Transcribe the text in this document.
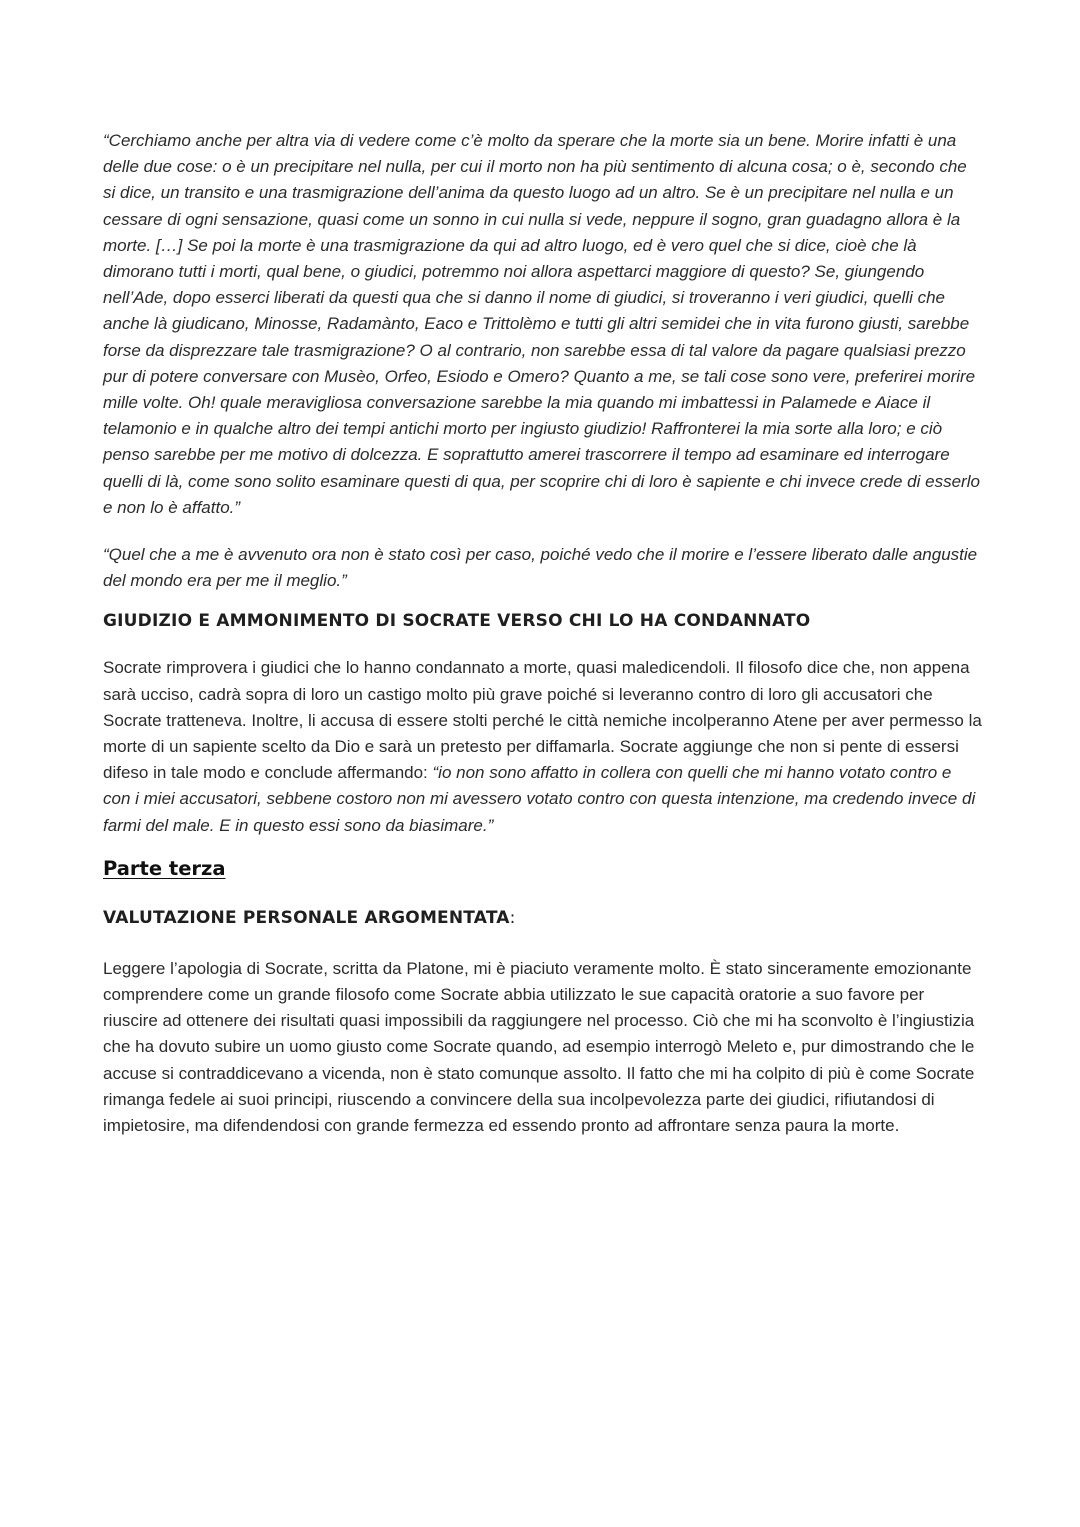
“Cerchiamo anche per altra via di vedere come c’è molto da sperare che la morte sia un bene. Morire infatti è una delle due cose: o è un precipitare nel nulla, per cui il morto non ha più sentimento di alcuna cosa; o è, secondo che si dice, un transito e una trasmigrazione dell’anima da questo luogo ad un altro. Se è un precipitare nel nulla e un cessare di ogni sensazione, quasi come un sonno in cui nulla si vede, neppure il sogno, gran guadagno allora è la morte. […] Se poi la morte è una trasmigrazione da qui ad altro luogo, ed è vero quel che si dice, cioè che là dimorano tutti i morti, qual bene, o giudici, potremmo noi allora aspettarci maggiore di questo? Se, giungendo nell’Ade, dopo esserci liberati da questi qua che si danno il nome di giudici, si troveranno i veri giudici, quelli che anche là giudicano, Minosse, Radamànto, Eaco e Trittolèmo e tutti gli altri semidei che in vita furono giusti, sarebbe forse da disprezzare tale trasmigrazione? O al contrario, non sarebbe essa di tal valore da pagare qualsiasi prezzo pur di potere conversare con Musèo, Orfeo, Esiodo e Omero? Quanto a me, se tali cose sono vere, preferirei morire mille volte. Oh! quale meravigliosa conversazione sarebbe la mia quando mi imbattessi in Palamede e Aiace il telamonio e in qualche altro dei tempi antichi morto per ingiusto giudizio! Raffronterei la mia sorte alla loro; e ciò penso sarebbe per me motivo di dolcezza. E soprattutto amerei trascorrere il tempo ad esaminare ed interrogare quelli di là, come sono solito esaminare questi di qua, per scoprire chi di loro è sapiente e chi invece crede di esserlo e non lo è affatto.”

“Quel che a me è avvenuto ora non è stato così per caso, poiché vedo che il morire e l’essere liberato dalle angustie del mondo era per me il meglio.”

GIUDIZIO E AMMONIMENTO DI SOCRATE VERSO CHI LO HA CONDANNATO

Socrate rimprovera i giudici che lo hanno condannato a morte, quasi maledicendoli. Il filosofo dice che, non appena sarà ucciso, cadrà sopra di loro un castigo molto più grave poiché si leveranno contro di loro gli accusatori che Socrate tratteneva. Inoltre, li accusa di essere stolti perché le città nemiche incolperanno Atene per aver permesso la morte di un sapiente scelto da Dio e sarà un pretesto per diffamarla. Socrate aggiunge che non si pente di essersi difeso in tale modo e conclude affermando: “io non sono affatto in collera con quelli che mi hanno votato contro e con i miei accusatori, sebbene costoro non mi avessero votato contro con questa intenzione, ma credendo invece di farmi del male. E in questo essi sono da biasimare.”

Parte terza
VALUTAZIONE PERSONALE ARGOMENTATA:

Leggere l’apologia di Socrate, scritta da Platone, mi è piaciuto veramente molto. È stato sinceramente emozionante comprendere come un grande filosofo come Socrate abbia utilizzato le sue capacità oratorie a suo favore per riuscire ad ottenere dei risultati quasi impossibili da raggiungere nel processo. Ciò che mi ha sconvolto è l’ingiustizia che ha dovuto subire un uomo giusto come Socrate quando, ad esempio interrogò Meleto e, pur dimostrando che le accuse si contraddicevano a vicenda, non è stato comunque assolto. Il fatto che mi ha colpito di più è come Socrate rimanga fedele ai suoi principi, riuscendo a convincere della sua incolpevolezza parte dei giudici, rifiutandosi di impietosire, ma difendendosi con grande fermezza ed essendo pronto ad affrontare senza paura la morte.
